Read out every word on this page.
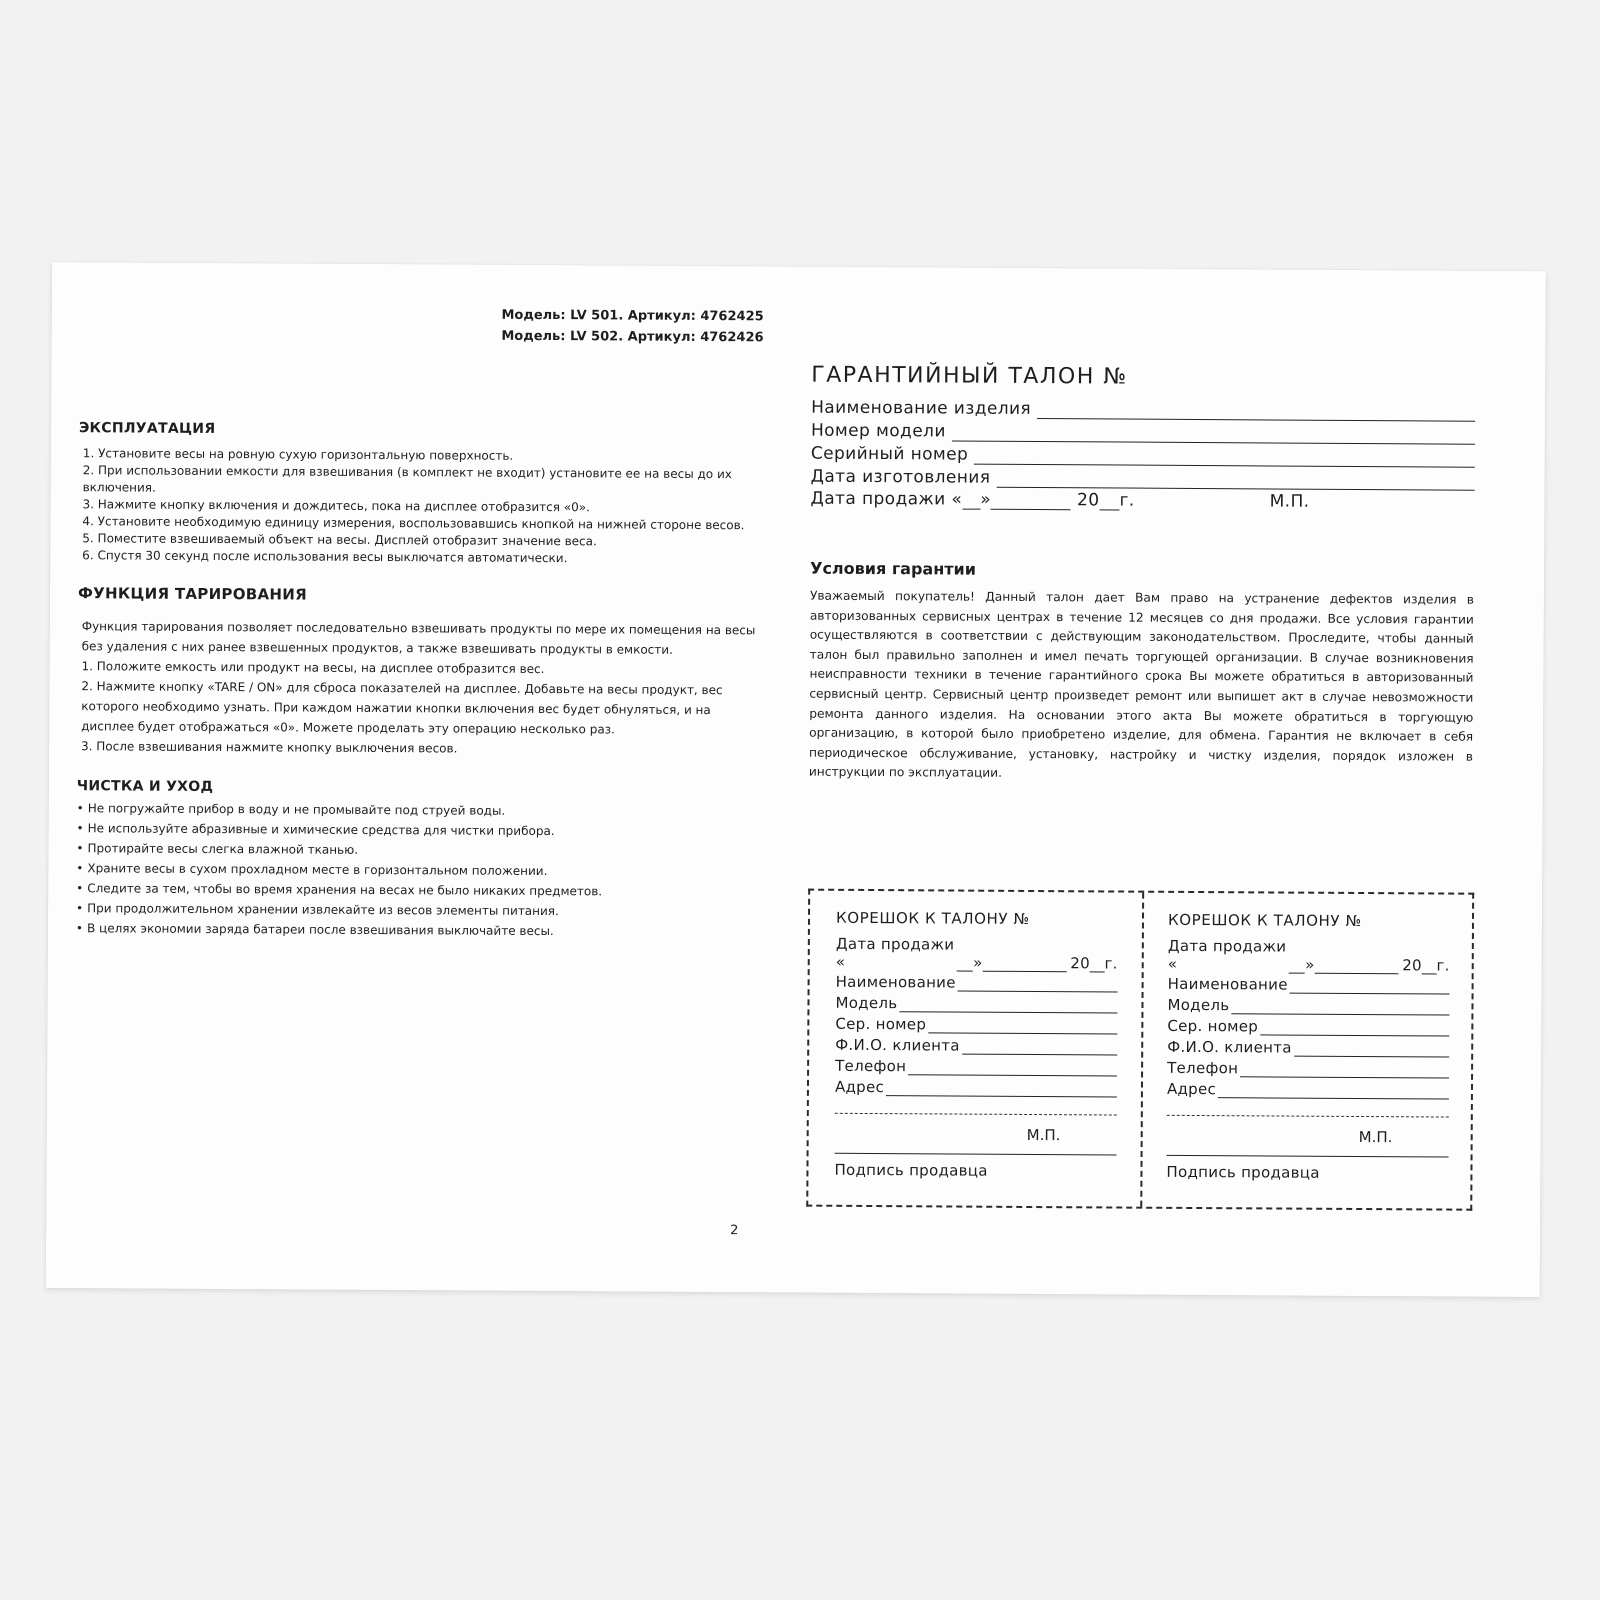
Модель: LV 501. Артикул: 4762425
Модель: LV 502. Артикул: 4762426
ЭКСПЛУАТАЦИЯ

1. Установите весы на ровную сухую горизонтальную поверхность.

2. При использовании емкости для взвешивания (в комплект не входит) установите ее на весы до их

включения.

3. Нажмите кнопку включения и дождитесь, пока на дисплее отобразится «0».

4. Установите необходимую единицу измерения, воспользовавшись кнопкой на нижней стороне весов.

5. Поместите взвешиваемый объект на весы. Дисплей отобразит значение веса.

6. Спустя 30 секунд после использования весы выключатся автоматически.

ФУНКЦИЯ ТАРИРОВАНИЯ

Функция тарирования позволяет последовательно взвешивать продукты по мере их помещения на весы

без удаления с них ранее взвешенных продуктов, а также взвешивать продукты в емкости.

1. Положите емкость или продукт на весы, на дисплее отобразится вес.

2. Нажмите кнопку «TARE / ON» для сброса показателей на дисплее. Добавьте на весы продукт, вес

которого необходимо узнать. При каждом нажатии кнопки включения вес будет обнуляться, и на

дисплее будет отображаться «0». Можете проделать эту операцию несколько раз.

3. После взвешивания нажмите кнопку выключения весов.

ЧИСТКА И УХОД
• Не погружайте прибор в воду и не промывайте под струей воды.
• Не используйте абразивные и химические средства для чистки прибора.
• Протирайте весы слегка влажной тканью.
• Храните весы в сухом прохладном месте в горизонтальном положении.
• Следите за тем, чтобы во время хранения на весах не было никаких предметов.
• При продолжительном хранении извлекайте из весов элементы питания.
• В целях экономии заряда батареи после взвешивания выключайте весы.
2
ГАРАНТИЙНЫЙ ТАЛОН №
Наименование изделия
Номер модели
Серийный номер
Дата изготовления
Дата продажи « »	20 г.	М.П.
Условия гарантии
Уважаемый покупатель! Данный талон дает Вам право на устранение дефектов изделия в авторизованных сервисных центрах в течение 12 месяцев со дня продажи. Все условия гарантии осуществляются в соответствии с действующим законодательством. Проследите, чтобы данный талон был правильно заполнен и имел печать торгующей организации. В случае возникновения неисправности техники в течение гарантийного срока Вы можете обратиться в авторизованный сервисный центр. Сервисный центр произведет ремонт или выпишет акт в случае невозможности ремонта данного изделия. На основании этого акта Вы можете обратиться в торгующую организацию, в которой было приобретено изделие, для обмена. Гарантия не включает в себя периодическое обслуживание, установку, настройку и чистку изделия, порядок изложен в инструкции по эксплуатации.
КОРЕШОК К ТАЛОНУ №
Дата продажи «	»	20 г.
Наименование
Модель
Сер. номер
Ф.И.О. клиента
Телефон
Адрес
М.П.
Подпись продавца
КОРЕШОК К ТАЛОНУ №
Дата продажи «	»	20 г.
Наименование
Модель
Сер. номер
Ф.И.О. клиента
Телефон
Адрес
М.П.
Подпись продавца
